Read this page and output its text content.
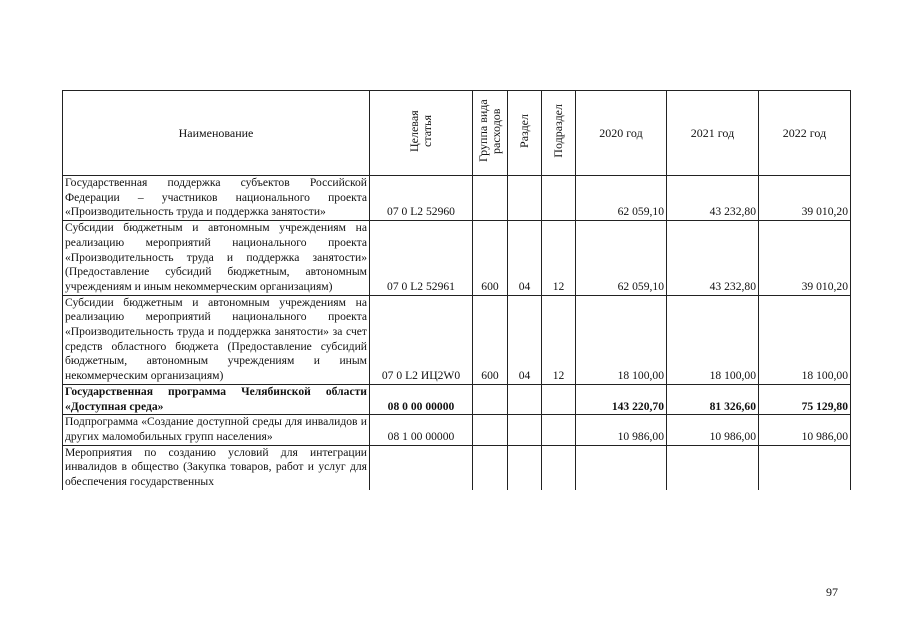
Наименование	Целевая статья	Группа вида расходов	Раздел	Подраздел	2020 год	2021 год	2022 год
Государственная поддержка субъектов Российской Федерации – участников национального проекта «Производительность труда и поддержка занятости»	07 0 L2 52960				62 059,10	43 232,80	39 010,20
Субсидии бюджетным и автономным учреждениям на реализацию мероприятий национального проекта «Производительность труда и поддержка занятости» (Предоставление субсидий бюджетным, автономным учреждениям и иным некоммерческим организациям)	07 0 L2 52961	600	04	12	62 059,10	43 232,80	39 010,20
Субсидии бюджетным и автономным учреждениям на реализацию мероприятий национального проекта «Производительность труда и поддержка занятости» за счет средств областного бюджета (Предоставление субсидий бюджетным, автономным учреждениям и иным некоммерческим организациям)	07 0 L2 ИЦ2W0	600	04	12	18 100,00	18 100,00	18 100,00
Государственная программа Челябинской области «Доступная среда»	08 0 00 00000				143 220,70	81 326,60	75 129,80
Подпрограмма «Создание доступной среды для инвалидов и других маломобильных групп населения»	08 1 00 00000				10 986,00	10 986,00	10 986,00
Мероприятия по созданию условий для интеграции инвалидов в общество (Закупка товаров, работ и услуг для обеспечения государственных							
97
